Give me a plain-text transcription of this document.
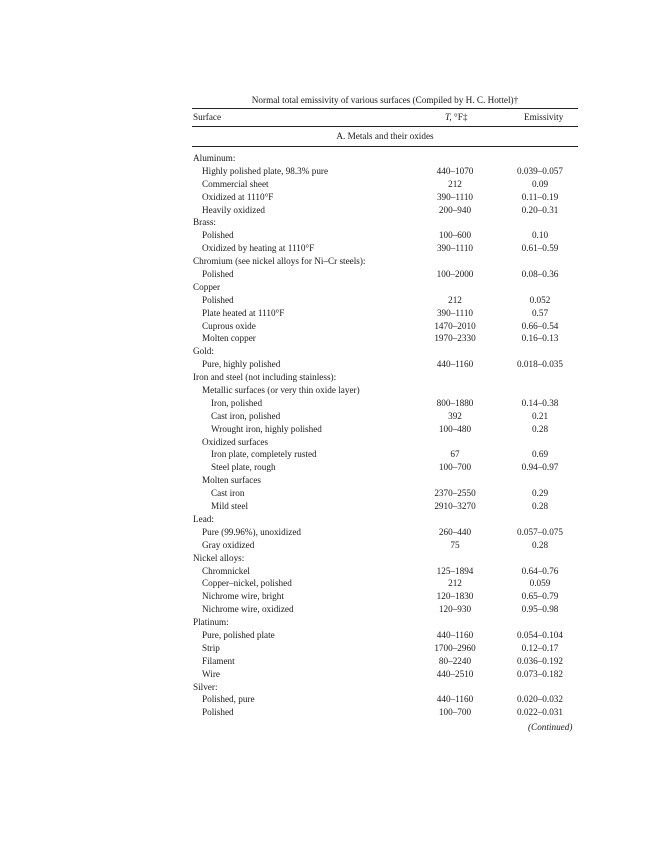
Normal total emissivity of various surfaces (Compiled by H. C. Hottel)†
Surface	T, °F‡	Emissivity
A. Metals and their oxides
Aluminum:
Highly polished plate, 98.3% pure	440–1070	0.039–0.057
Commercial sheet	212	0.09
Oxidized at 1110°F	390–1110	0.11–0.19
Heavily oxidized	200–940	0.20–0.31
Brass:
Polished	100–600	0.10
Oxidized by heating at 1110°F	390–1110	0.61–0.59
Chromium (see nickel alloys for Ni–Cr steels):
Polished	100–2000	0.08–0.36
Copper
Polished	212	0.052
Plate heated at 1110°F	390–1110	0.57
Cuprous oxide	1470–2010	0.66–0.54
Molten copper	1970–2330	0.16–0.13
Gold:
Pure, highly polished	440–1160	0.018–0.035
Iron and steel (not including stainless):
Metallic surfaces (or very thin oxide layer)
Iron, polished	800–1880	0.14–0.38
Cast iron, polished	392	0.21
Wrought iron, highly polished	100–480	0.28
Oxidized surfaces
Iron plate, completely rusted	67	0.69
Steel plate, rough	100–700	0.94–0.97
Molten surfaces
Cast iron	2370–2550	0.29
Mild steel	2910–3270	0.28
Lead:
Pure (99.96%), unoxidized	260–440	0.057–0.075
Gray oxidized	75	0.28
Nickel alloys:
Chromnickel	125–1894	0.64–0.76
Copper–nickel, polished	212	0.059
Nichrome wire, bright	120–1830	0.65–0.79
Nichrome wire, oxidized	120–930	0.95–0.98
Platinum:
Pure, polished plate	440–1160	0.054–0.104
Strip	1700–2960	0.12–0.17
Filament	80–2240	0.036–0.192
Wire	440–2510	0.073–0.182
Silver:
Polished, pure	440–1160	0.020–0.032
Polished	100–700	0.022–0.031
(Continued)
